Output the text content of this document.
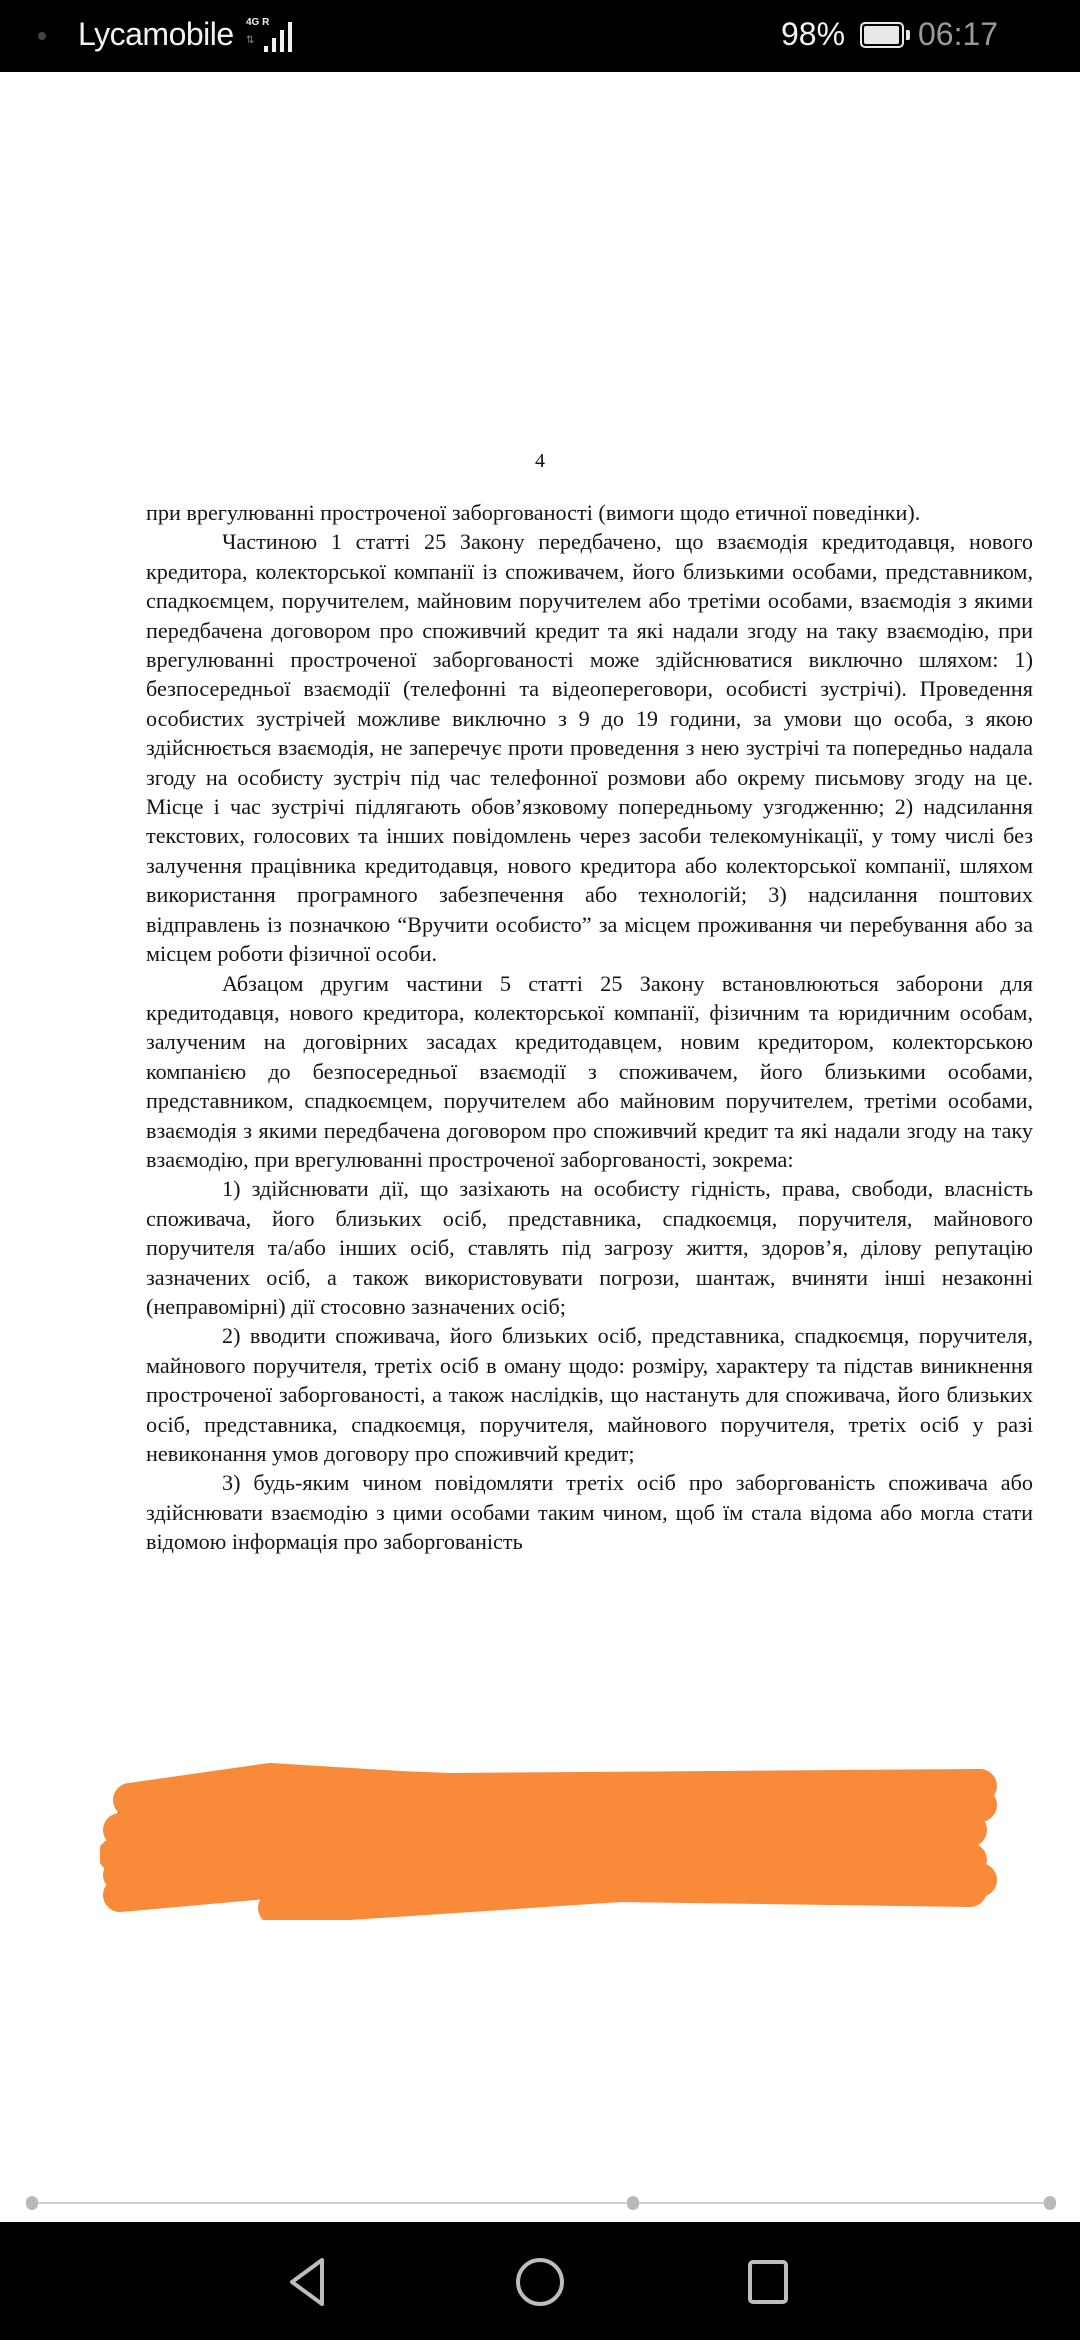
Lycamobile 4G R
⇅	98% 06:17
4

при врегулюванні простроченої заборгованості (вимоги щодо етичної поведінки).

Частиною 1 статті 25 Закону передбачено, що взаємодія кредитодавця, нового кредитора, колекторської компанії із споживачем, його близькими особами, представником, спадкоємцем, поручителем, майновим поручителем або третіми особами, взаємодія з якими передбачена договором про споживчий кредит та які надали згоду на таку взаємодію, при врегулюванні простроченої заборгованості може здійснюватися виключно шляхом: 1) безпосередньої взаємодії (телефонні та відеопереговори, особисті зустрічі). Проведення особистих зустрічей можливе виключно з 9 до 19 години, за умови що особа, з якою здійснюється взаємодія, не заперечує проти проведення з нею зустрічі та попередньо надала згоду на особисту зустріч під час телефонної розмови або окрему письмову згоду на це. Місце і час зустрічі підлягають обов’язковому попередньому узгодженню; 2) надсилання текстових, голосових та інших повідомлень через засоби телекомунікації, у тому числі без залучення працівника кредитодавця, нового кредитора або колекторської компанії, шляхом використання програмного забезпечення або технологій; 3) надсилання поштових відправлень із позначкою “Вручити особисто” за місцем проживання чи перебування або за місцем роботи фізичної особи.

Абзацом другим частини 5 статті 25 Закону встановлюються заборони для кредитодавця, нового кредитора, колекторської компанії, фізичним та юридичним особам, залученим на договірних засадах кредитодавцем, новим кредитором, колекторською компанією до безпосередньої взаємодії з споживачем, його близькими особами, представником, спадкоємцем, поручителем або майновим поручителем, третіми особами, взаємодія з якими передбачена договором про споживчий кредит та які надали згоду на таку взаємодію, при врегулюванні простроченої заборгованості, зокрема:

1) здійснювати дії, що зазіхають на особисту гідність, права, свободи, власність споживача, його близьких осіб, представника, спадкоємця, поручителя, майнового поручителя та/або інших осіб, ставлять під загрозу життя, здоров’я, ділову репутацію зазначених осіб, а також використовувати погрози, шантаж, вчиняти інші незаконні (неправомірні) дії стосовно зазначених осіб;

2) вводити споживача, його близьких осіб, представника, спадкоємця, поручителя, майнового поручителя, третіх осіб в оману щодо: розміру, характеру та підстав виникнення простроченої заборгованості, а також наслідків, що настануть для споживача, його близьких осіб, представника, спадкоємця, поручителя, майнового поручителя, третіх осіб у разі невиконання умов договору про споживчий кредит;

3) будь-яким чином повідомляти третіх осіб про заборгованість споживача або здійснювати взаємодію з цими особами таким чином, щоб їм стала відома або могла стати відомою інформація про заборгованість
